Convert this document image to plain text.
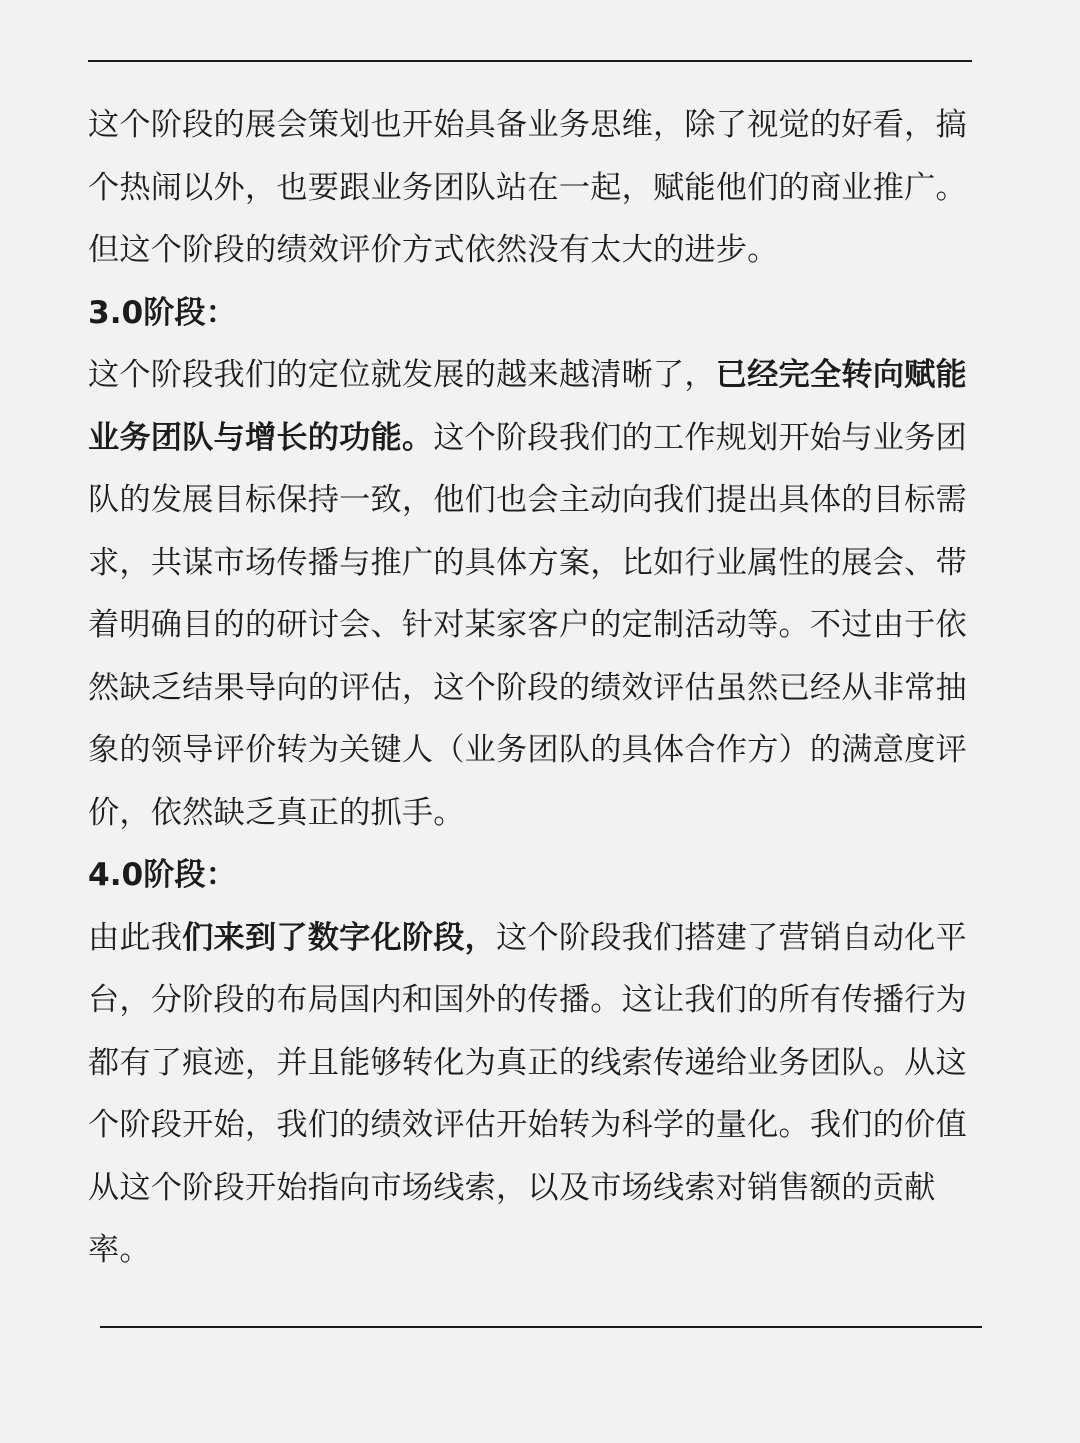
这个阶段的展会策划也开始具备业务思维，除了视觉的好看，搞个热闹以外，也要跟业务团队站在一起，赋能他们的商业推广。但这个阶段的绩效评价方式依然没有太大的进步。

3.0阶段：

这个阶段我们的定位就发展的越来越清晰了，已经完全转向赋能业务团队与增长的功能。这个阶段我们的工作规划开始与业务团队的发展目标保持一致，他们也会主动向我们提出具体的目标需求，共谋市场传播与推广的具体方案，比如行业属性的展会、带着明确目的的研讨会、针对某家客户的定制活动等。不过由于依然缺乏结果导向的评估，这个阶段的绩效评估虽然已经从非常抽象的领导评价转为关键人（业务团队的具体合作方）的满意度评价，依然缺乏真正的抓手。

4.0阶段：

由此我们来到了数字化阶段，这个阶段我们搭建了营销自动化平
台，分阶段的布局国内和国外的传播。这让我们的所有传播行为都有了痕迹，并且能够转化为真正的线索传递给业务团队。从这个阶段开始，我们的绩效评估开始转为科学的量化。我们的价值从这个阶段开始指向市场线索，以及市场线索对销售额的贡献率。
